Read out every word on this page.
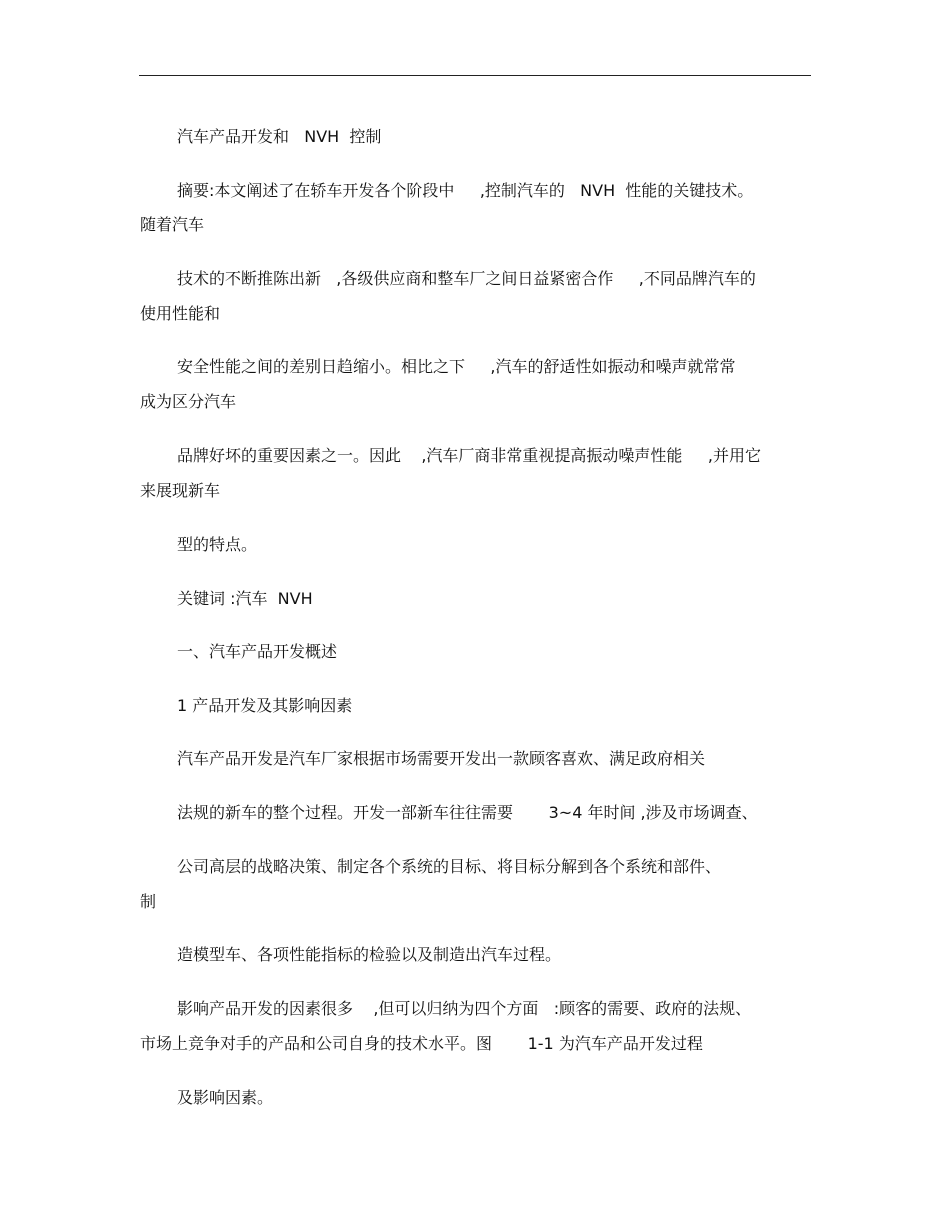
汽车产品开发和   NVH  控制
摘要:本文阐述了在轿车开发各个阶段中     ,控制汽车的   NVH  性能的关键技术。
随着汽车
技术的不断推陈出新   ,各级供应商和整车厂之间日益紧密合作     ,不同品牌汽车的
使用性能和
安全性能之间的差别日趋缩小。相比之下     ,汽车的舒适性如振动和噪声就常常
成为区分汽车
品牌好坏的重要因素之一。因此    ,汽车厂商非常重视提高振动噪声性能     ,并用它
来展现新车
型的特点。
关键词 :汽车  NVH
一、汽车产品开发概述
1 产品开发及其影响因素
汽车产品开发是汽车厂家根据市场需要开发出一款顾客喜欢、满足政府相关
法规的新车的整个过程。开发一部新车往往需要       3~4 年时间 ,涉及市场调查、
公司高层的战略决策、制定各个系统的目标、将目标分解到各个系统和部件、
制
造模型车、各项性能指标的检验以及制造出汽车过程。
影响产品开发的因素很多    ,但可以归纳为四个方面   :顾客的需要、政府的法规、
市场上竞争对手的产品和公司自身的技术水平。图       1-1 为汽车产品开发过程
及影响因素。
